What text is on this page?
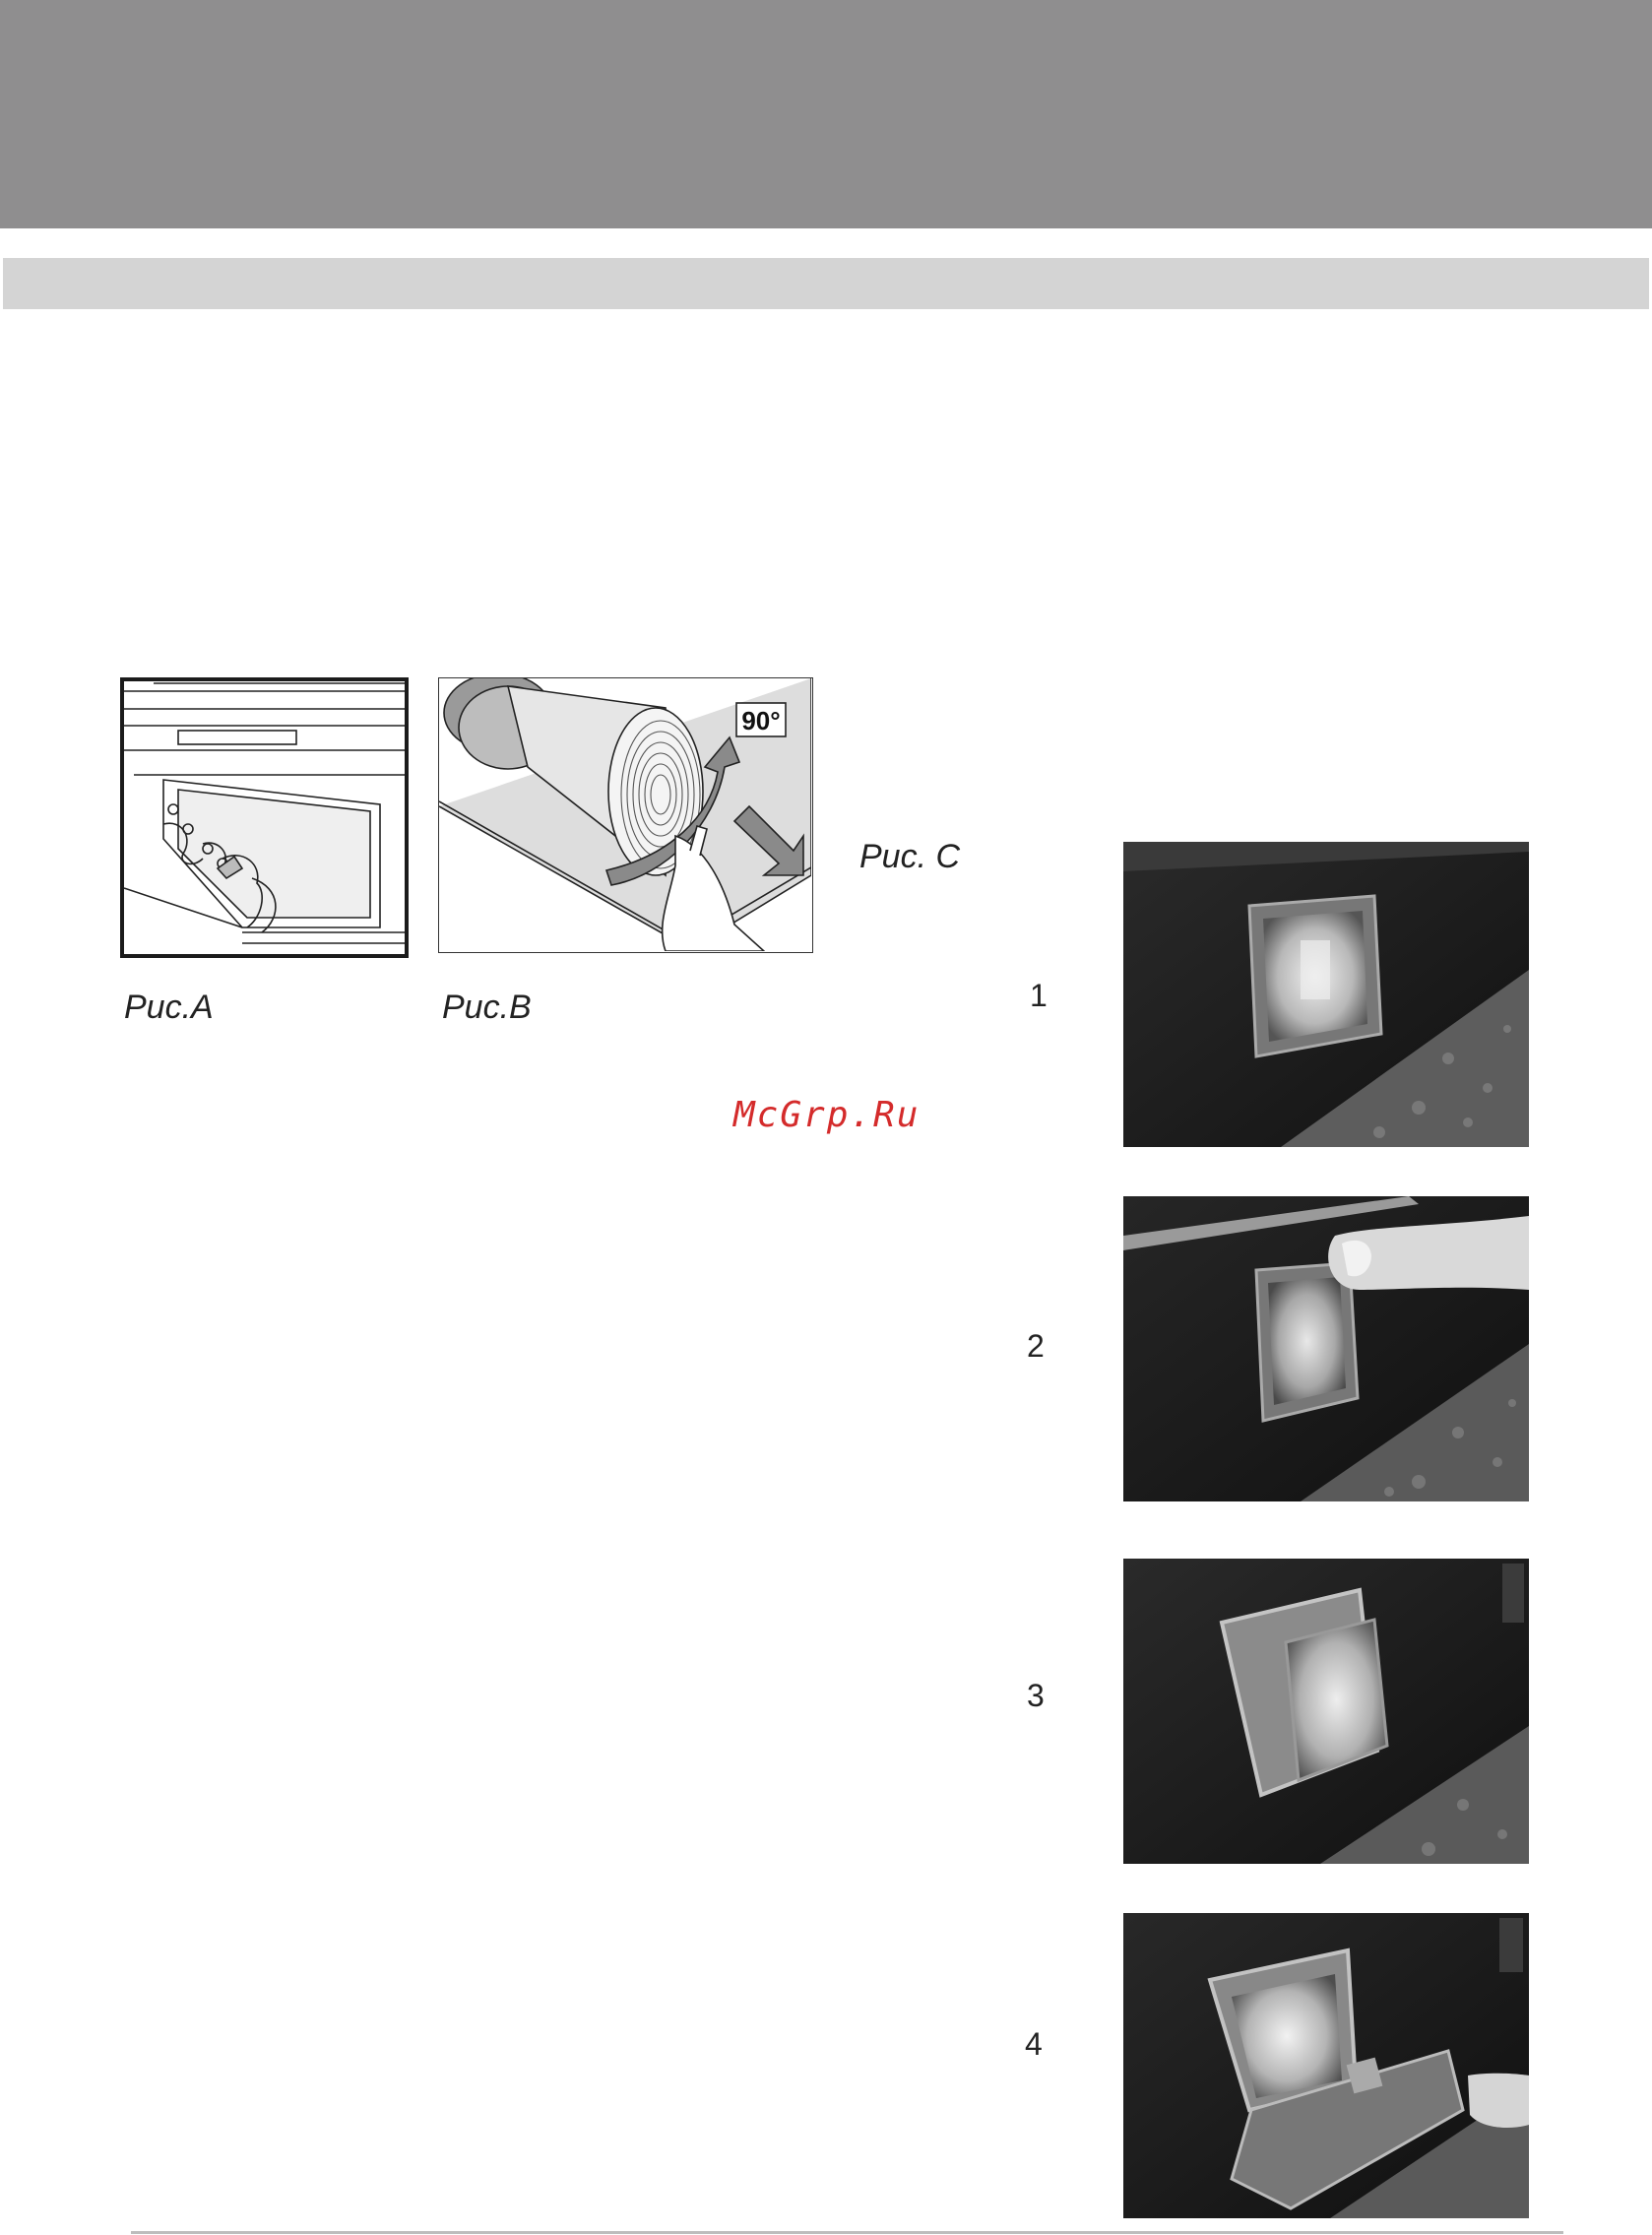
Рис.A
90°
Рис.B
Рис. C
McGrp.Ru
1
2
3
4
